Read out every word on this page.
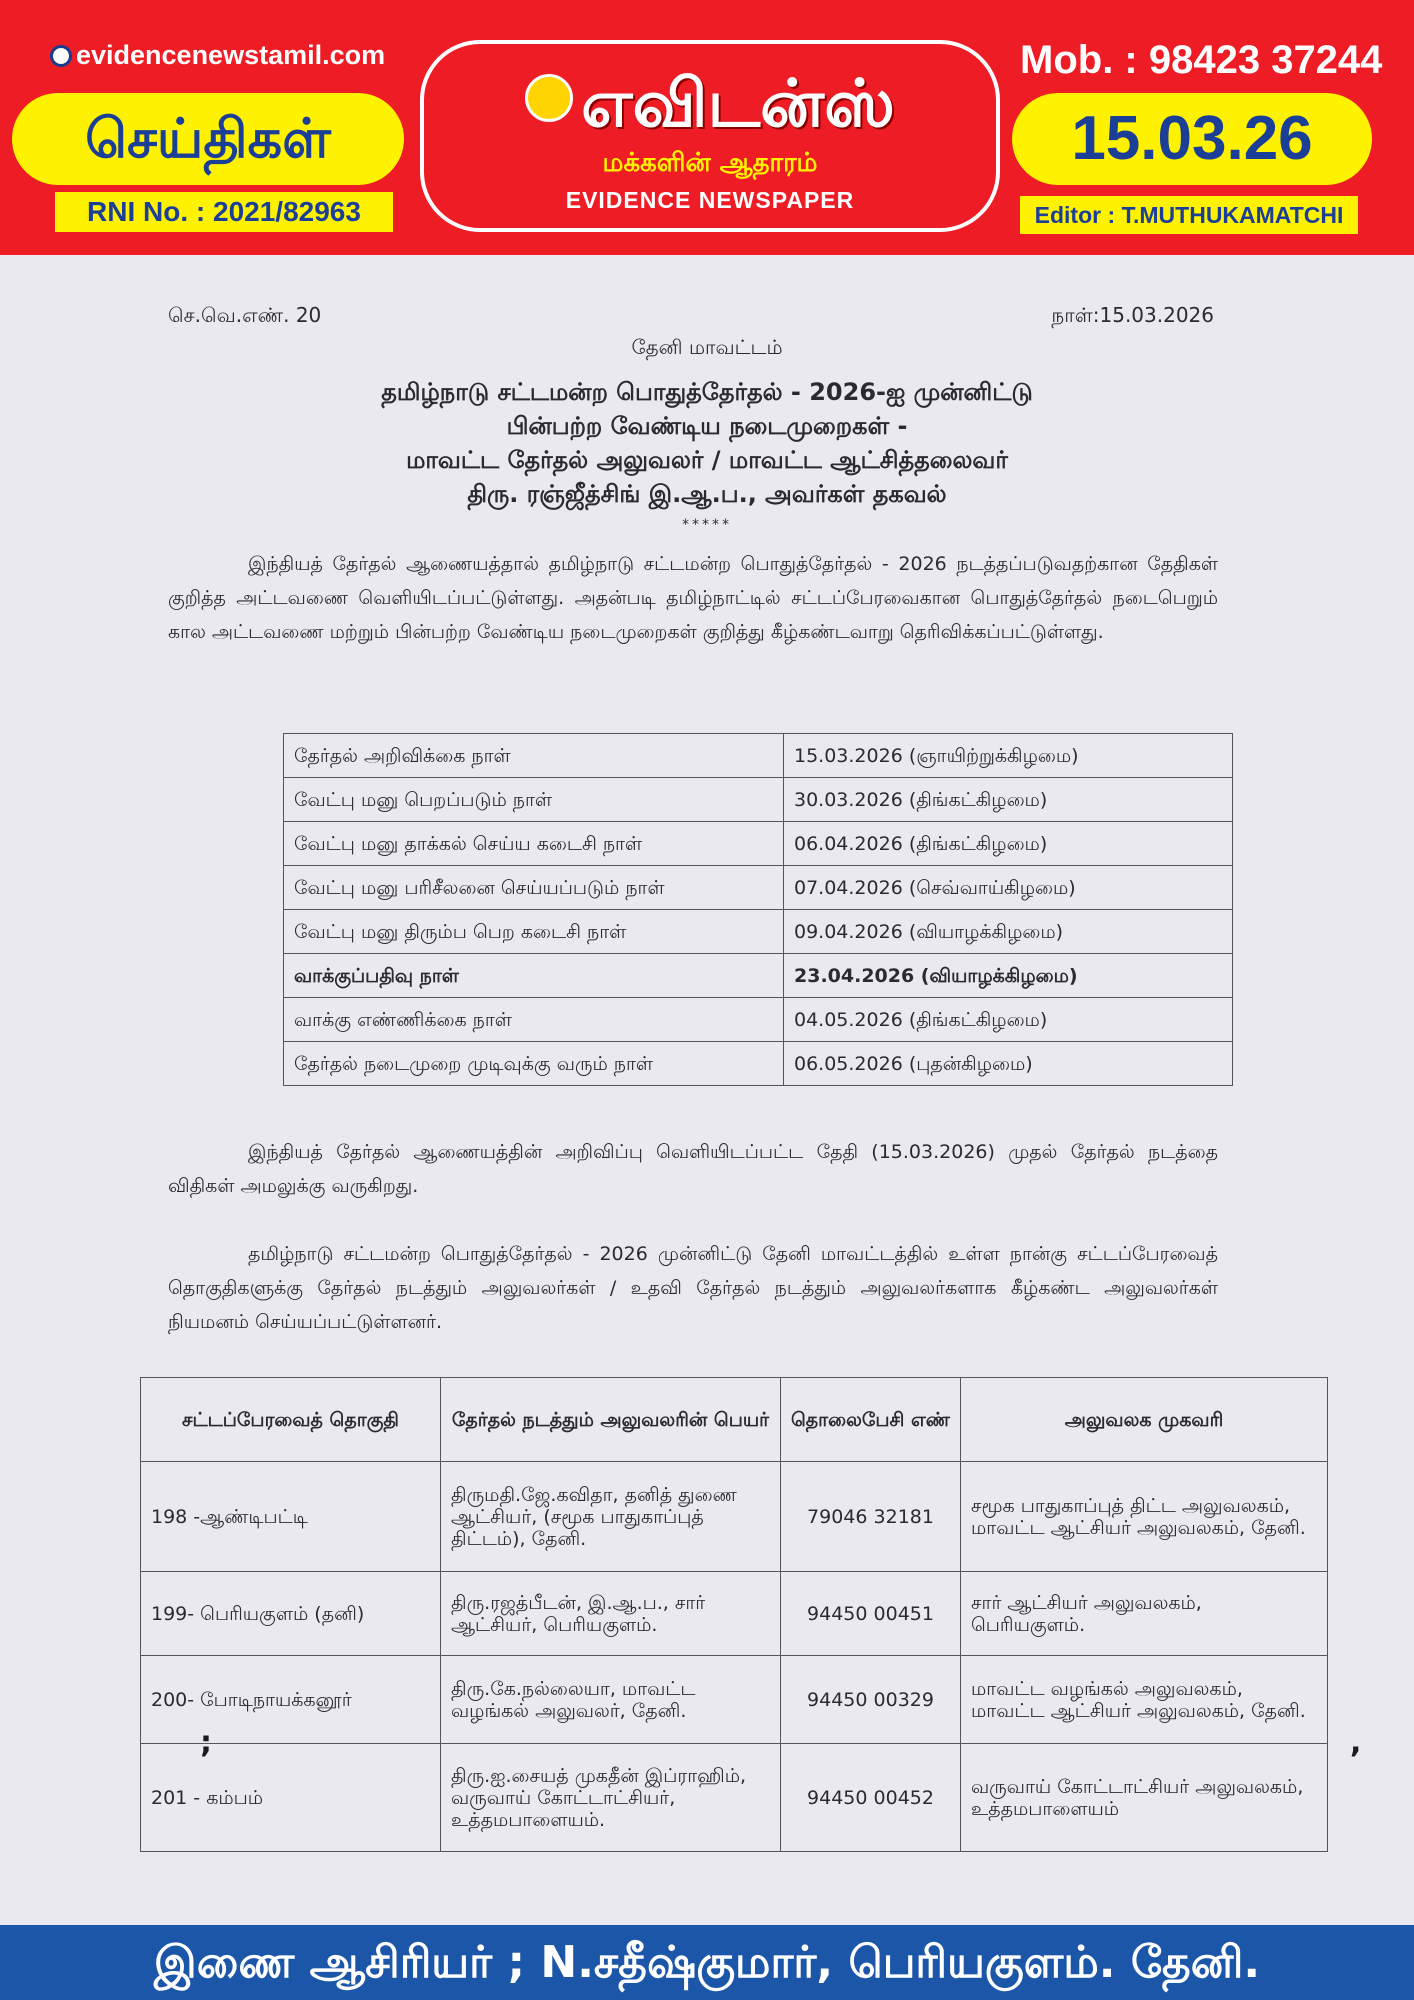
evidencenewstamil.com
செய்திகள்
RNI No. : 2021/82963
எவிடன்ஸ்
மக்களின் ஆதாரம்
EVIDENCE NEWSPAPER
Mob. : 98423 37244
15.03.26
Editor : T.MUTHUKAMATCHI
செ.வெ.எண். 20	நாள்:15.03.2026
தேனி மாவட்டம்
தமிழ்நாடு சட்டமன்ற பொதுத்தேர்தல் - 2026-ஐ முன்னிட்டு
பின்பற்ற வேண்டிய நடைமுறைகள் -
மாவட்ட தேர்தல் அலுவலர் / மாவட்ட ஆட்சித்தலைவர்
திரு. ரஞ்ஜீத்சிங் இ.ஆ.ப., அவர்கள் தகவல்
*****

இந்தியத் தேர்தல் ஆணையத்தால் தமிழ்நாடு சட்டமன்ற பொதுத்தேர்தல் - 2026 நடத்தப்படுவதற்கான தேதிகள் குறித்த அட்டவணை வெளியிடப்பட்டுள்ளது. அதன்படி தமிழ்நாட்டில் சட்டப்பேரவைகான பொதுத்தேர்தல் நடைபெறும் கால அட்டவணை மற்றும் பின்பற்ற வேண்டிய நடைமுறைகள் குறித்து கீழ்கண்டவாறு தெரிவிக்கப்பட்டுள்ளது.

தேர்தல் அறிவிக்கை நாள்	15.03.2026 (ஞாயிற்றுக்கிழமை)
வேட்பு மனு பெறப்படும் நாள்	30.03.2026 (திங்கட்கிழமை)
வேட்பு மனு தாக்கல் செய்ய கடைசி நாள்	06.04.2026 (திங்கட்கிழமை)
வேட்பு மனு பரிசீலனை செய்யப்படும் நாள்	07.04.2026 (செவ்வாய்கிழமை)
வேட்பு மனு திரும்ப பெற கடைசி நாள்	09.04.2026 (வியாழக்கிழமை)
வாக்குப்பதிவு நாள்	23.04.2026 (வியாழக்கிழமை)
வாக்கு எண்ணிக்கை நாள்	04.05.2026 (திங்கட்கிழமை)
தேர்தல் நடைமுறை முடிவுக்கு வரும் நாள்	06.05.2026 (புதன்கிழமை)

இந்தியத் தேர்தல் ஆணையத்தின் அறிவிப்பு வெளியிடப்பட்ட தேதி (15.03.2026) முதல் தேர்தல் நடத்தை விதிகள் அமலுக்கு வருகிறது.

தமிழ்நாடு சட்டமன்ற பொதுத்தேர்தல் - 2026 முன்னிட்டு தேனி மாவட்டத்தில் உள்ள நான்கு சட்டப்பேரவைத் தொகுதிகளுக்கு தேர்தல் நடத்தும் அலுவலர்கள் / உதவி தேர்தல் நடத்தும் அலுவலர்களாக கீழ்கண்ட அலுவலர்கள் நியமனம் செய்யப்பட்டுள்ளனர்.

சட்டப்பேரவைத் தொகுதி	தேர்தல் நடத்தும் அலுவலரின் பெயர்	தொலைபேசி எண்	அலுவலக முகவரி
198 -ஆண்டிபட்டி	திருமதி.ஜே.கவிதா, தனித் துணை ஆட்சியர், (சமூக பாதுகாப்புத் திட்டம்), தேனி.	79046 32181	சமூக பாதுகாப்புத் திட்ட அலுவலகம், மாவட்ட ஆட்சியர் அலுவலகம், தேனி.
199- பெரியகுளம் (தனி)	திரு.ரஜத்பீடன், இ.ஆ.ப., சார் ஆட்சியர், பெரியகுளம்.	94450 00451	சார் ஆட்சியர் அலுவலகம், பெரியகுளம்.
200- போடிநாயக்கனூர்	திரு.கே.நல்லையா, மாவட்ட வழங்கல் அலுவலர், தேனி.	94450 00329	மாவட்ட வழங்கல் அலுவலகம், மாவட்ட ஆட்சியர் அலுவலகம், தேனி.
201 - கம்பம்	திரு.ஐ.சையத் முகதீன் இப்ராஹிம், வருவாய் கோட்டாட்சியர், உத்தமபாளையம்.	94450 00452	வருவாய் கோட்டாட்சியர் அலுவலகம், உத்தமபாளையம்
;	,
இணை ஆசிரியர் ; N.சதீஷ்குமார், பெரியகுளம். தேனி.
